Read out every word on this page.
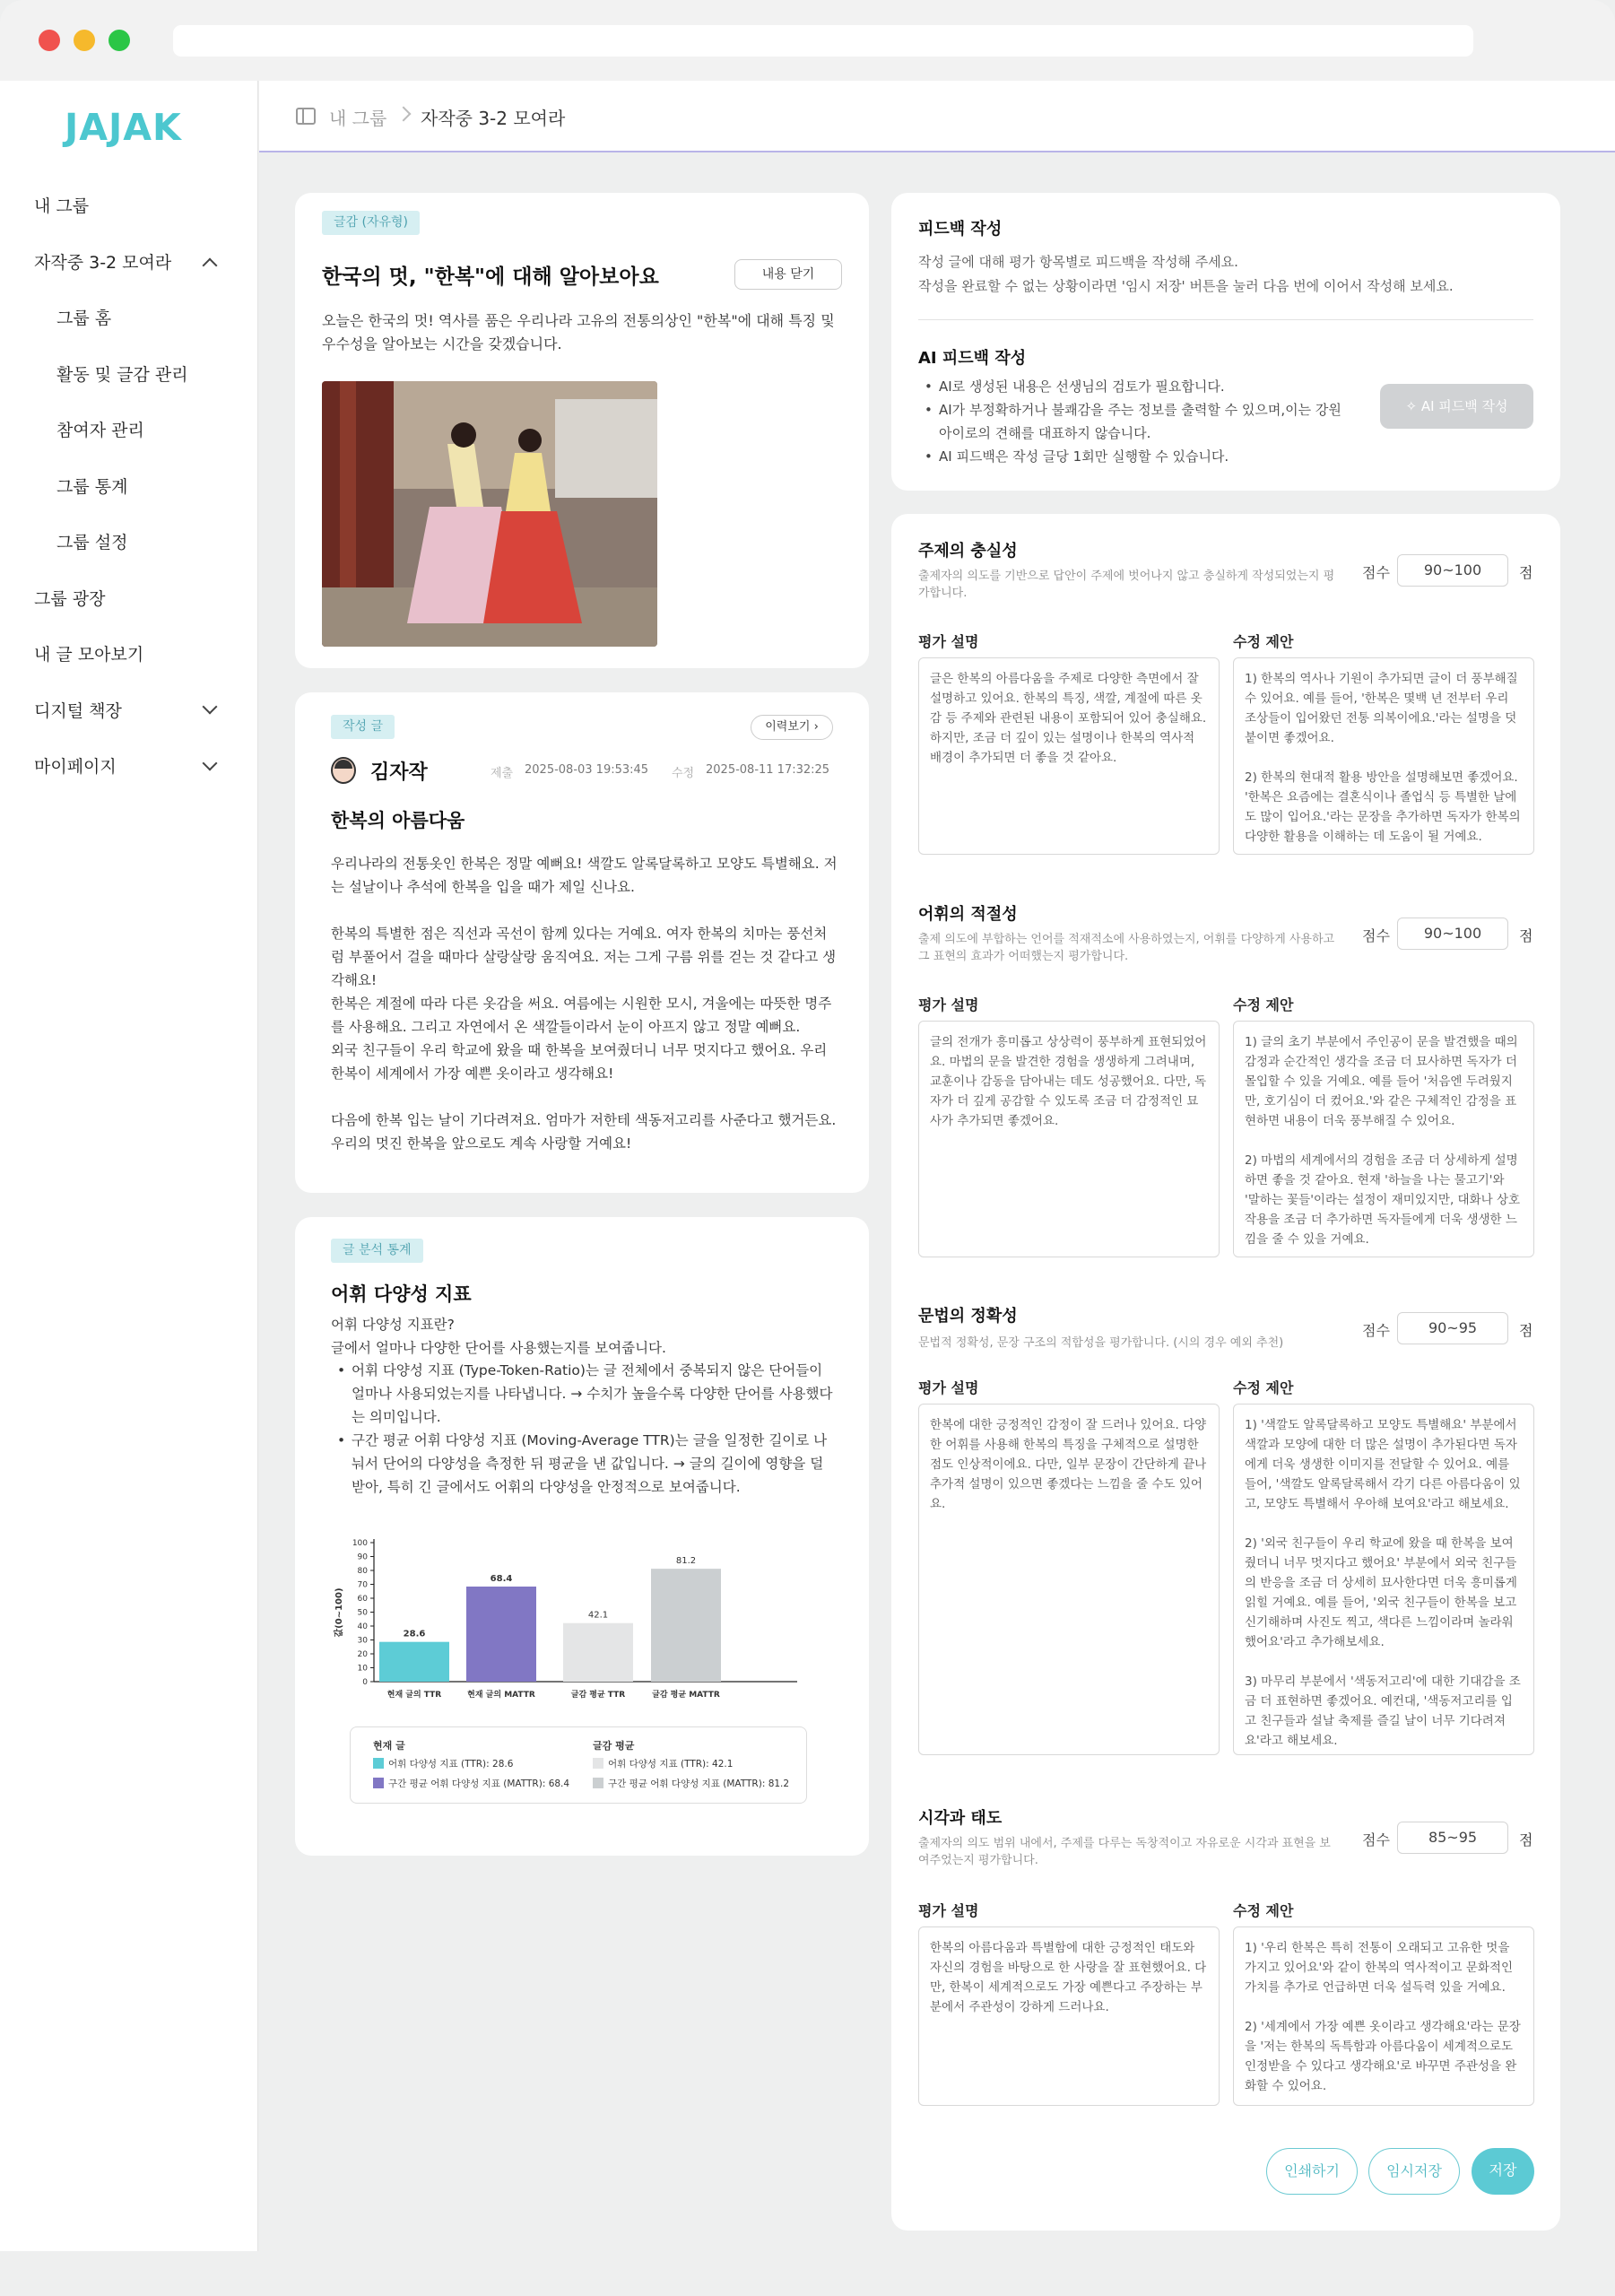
JAJAK
내 그룹
자작중 3-2 모여라
그룹 홈
활동 및 글감 관리
참여자 관리
그룹 통계
그룹 설정
그룹 광장
내 글 모아보기
디지털 책장
마이페이지
내 그룹 자작중 3-2 모여라
글감 (자유형)
한국의 멋, "한복"에 대해 알아보아요	내용 닫기

오늘은 한국의 멋! 역사를 품은 우리나라 고유의 전통의상인 "한복"에 대해 특징 및 우수성을 알아보는 시간을 갖겠습니다.

작성 글	이력보기 ›
김자작	제출 2025-08-03 19:53:45 수정 2025-08-11 17:32:25
한복의 아름다움

우리나라의 전통옷인 한복은 정말 예뻐요! 색깔도 알록달록하고 모양도 특별해요. 저는 설날이나 추석에 한복을 입을 때가 제일 신나요.

한복의 특별한 점은 직선과 곡선이 함께 있다는 거예요. 여자 한복의 치마는 풍선처럼 부풀어서 걸을 때마다 살랑살랑 움직여요. 저는 그게 구름 위를 걷는 것 같다고 생각해요!
한복은 계절에 따라 다른 옷감을 써요. 여름에는 시원한 모시, 겨울에는 따뜻한 명주를 사용해요. 그리고 자연에서 온 색깔들이라서 눈이 아프지 않고 정말 예뻐요.
외국 친구들이 우리 학교에 왔을 때 한복을 보여줬더니 너무 멋지다고 했어요. 우리 한복이 세계에서 가장 예쁜 옷이라고 생각해요!

다음에 한복 입는 날이 기다려져요. 엄마가 저한테 색동저고리를 사준다고 했거든요. 우리의 멋진 한복을 앞으로도 계속 사랑할 거예요!

글 분석 통계
어휘 다양성 지표
어휘 다양성 지표란?
글에서 얼마나 다양한 단어를 사용했는지를 보여줍니다.
• 어휘 다양성 지표 (Type-Token-Ratio)는 글 전체에서 중복되지 않은 단어들이 얼마나 사용되었는지를 나타냅니다. → 수치가 높을수록 다양한 단어를 사용했다는 의미입니다.
• 구간 평균 어휘 다양성 지표 (Moving-Average TTR)는 글을 일정한 길이로 나눠서 단어의 다양성을 측정한 뒤 평균을 낸 값입니다. → 글의 길이에 영향을 덜 받아, 특히 긴 글에서도 어휘의 다양성을 안정적으로 보여줍니다.
값(0~100)
0
10
20
30
40
50
60
70
80
90
100
28.6
현재 글의 TTR
68.4
현재 글의 MATTR
42.1
글감 평균 TTR
81.2
글감 평균 MATTR
현재 글	글감 평균
어휘 다양성 지표 (TTR): 28.6
구간 평균 어휘 다양성 지표 (MATTR): 68.4
어휘 다양성 지표 (TTR): 42.1
구간 평균 어휘 다양성 지표 (MATTR): 81.2
피드백 작성
작성 글에 대해 평가 항목별로 피드백을 작성해 주세요.
작성을 완료할 수 없는 상황이라면 '임시 저장' 버튼을 눌러 다음 번에 이어서 작성해 보세요.
AI 피드백 작성
• AI로 생성된 내용은 선생님의 검토가 필요합니다.
• AI가 부정확하거나 불쾌감을 주는 정보를 출력할 수 있으며,이는 강원 아이로의 견해를 대표하지 않습니다.
• AI 피드백은 작성 글당 1회만 실행할 수 있습니다.
✧ AI 피드백 작성
주제의 충실성
출제자의 의도를 기반으로 답안이 주제에 벗어나지 않고 충실하게 작성되었는지 평가합니다.
점수	90~100	점
평가 설명	수정 제안
글은 한복의 아름다움을 주제로 다양한 측면에서 잘 설명하고 있어요. 한복의 특징, 색깔, 계절에 따른 옷감 등 주제와 관련된 내용이 포함되어 있어 충실해요. 하지만, 조금 더 깊이 있는 설명이나 한복의 역사적 배경이 추가되면 더 좋을 것 같아요.
1) 한복의 역사나 기원이 추가되면 글이 더 풍부해질 수 있어요. 예를 들어, '한복은 몇백 년 전부터 우리 조상들이 입어왔던 전통 의복이에요.'라는 설명을 덧붙이면 좋겠어요.

2) 한복의 현대적 활용 방안을 설명해보면 좋겠어요. '한복은 요즘에는 결혼식이나 졸업식 등 특별한 날에도 많이 입어요.'라는 문장을 추가하면 독자가 한복의 다양한 활용을 이해하는 데 도움이 될 거예요.
어휘의 적절성
출제 의도에 부합하는 언어를 적재적소에 사용하였는지, 어휘를 다양하게 사용하고 그 표현의 효과가 어떠했는지 평가합니다.
점수	90~100	점
평가 설명	수정 제안
글의 전개가 흥미롭고 상상력이 풍부하게 표현되었어요. 마법의 문을 발견한 경험을 생생하게 그려내며, 교훈이나 감동을 담아내는 데도 성공했어요. 다만, 독자가 더 깊게 공감할 수 있도록 조금 더 감정적인 묘사가 추가되면 좋겠어요.
1) 글의 초기 부분에서 주인공이 문을 발견했을 때의 감정과 순간적인 생각을 조금 더 묘사하면 독자가 더 몰입할 수 있을 거예요. 예를 들어 '처음엔 두려웠지만, 호기심이 더 컸어요.'와 같은 구체적인 감정을 표현하면 내용이 더욱 풍부해질 수 있어요.

2) 마법의 세계에서의 경험을 조금 더 상세하게 설명하면 좋을 것 같아요. 현재 '하늘을 나는 물고기'와 '말하는 꽃들'이라는 설정이 재미있지만, 대화나 상호작용을 조금 더 추가하면 독자들에게 더욱 생생한 느낌을 줄 수 있을 거예요.
문법의 정확성
문법적 정확성, 문장 구조의 적합성을 평가합니다. (시의 경우 예외 추천)
점수	90~95	점
평가 설명	수정 제안
한복에 대한 긍정적인 감정이 잘 드러나 있어요. 다양한 어휘를 사용해 한복의 특징을 구체적으로 설명한 점도 인상적이에요. 다만, 일부 문장이 간단하게 끝나 추가적 설명이 있으면 좋겠다는 느낌을 줄 수도 있어요.
1) '색깔도 알록달록하고 모양도 특별해요' 부분에서 색깔과 모양에 대한 더 많은 설명이 추가된다면 독자에게 더욱 생생한 이미지를 전달할 수 있어요. 예를 들어, '색깔도 알록달록해서 각기 다른 아름다움이 있고, 모양도 특별해서 우아해 보여요'라고 해보세요.

2) '외국 친구들이 우리 학교에 왔을 때 한복을 보여줬더니 너무 멋지다고 했어요' 부분에서 외국 친구들의 반응을 조금 더 상세히 묘사한다면 더욱 흥미롭게 읽힐 거예요. 예를 들어, '외국 친구들이 한복을 보고 신기해하며 사진도 찍고, 색다른 느낌이라며 놀라워했어요'라고 추가해보세요.

3) 마무리 부분에서 '색동저고리'에 대한 기대감을 조금 더 표현하면 좋겠어요. 예컨대, '색동저고리를 입고 친구들과 설날 축제를 즐길 날이 너무 기다려져요'라고 해보세요.
시각과 태도
출제자의 의도 범위 내에서, 주제를 다루는 독창적이고 자유로운 시각과 표현을 보여주었는지 평가합니다.
점수	85~95	점
평가 설명	수정 제안
한복의 아름다움과 특별함에 대한 긍정적인 태도와 자신의 경험을 바탕으로 한 사랑을 잘 표현했어요. 다만, 한복이 세계적으로도 가장 예쁜다고 주장하는 부분에서 주관성이 강하게 드러나요.
1) '우리 한복은 특히 전통이 오래되고 고유한 멋을 가지고 있어요'와 같이 한복의 역사적이고 문화적인 가치를 추가로 언급하면 더욱 설득력 있을 거예요.

2) '세계에서 가장 예쁜 옷이라고 생각해요'라는 문장을 '저는 한복의 독특함과 아름다움이 세계적으로도 인정받을 수 있다고 생각해요'로 바꾸면 주관성을 완화할 수 있어요.
인쇄하기	임시저장	저장
